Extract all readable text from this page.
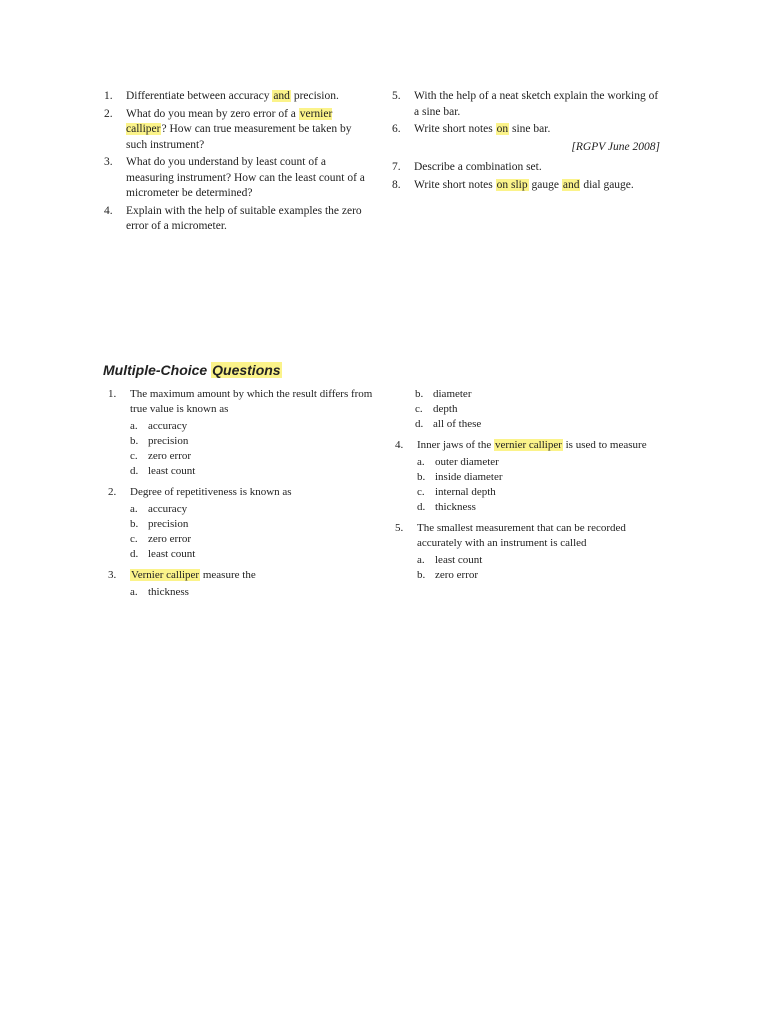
1.	Differentiate between accuracy and precision.
2.	What do you mean by zero error of a vernier calliper? How can true measurement be taken by such instrument?
3.	What do you understand by least count of a measuring instrument? How can the least count of a micrometer be determined?
4.	Explain with the help of suitable examples the zero error of a micrometer.
5.	With the help of a neat sketch explain the working of a sine bar.
6.	Write short notes on sine bar.
[RGPV June 2008]
7.	Describe a combination set.
8.	Write short notes on slip gauge and dial gauge.
Multiple-Choice Questions
1.	The maximum amount by which the result differs from true value is known as
a. accuracy
b. precision
c. zero error
d. least count
2.	Degree of repetitiveness is known as
a. accuracy
b. precision
c. zero error
d. least count
3.	Vernier calliper measure the
a. thickness
b. diameter
c. depth
d. all of these
4.	Inner jaws of the vernier calliper is used to measure
a. outer diameter
b. inside diameter
c. internal depth
d. thickness
5.	The smallest measurement that can be recorded accurately with an instrument is called
a. least count
b. zero error
